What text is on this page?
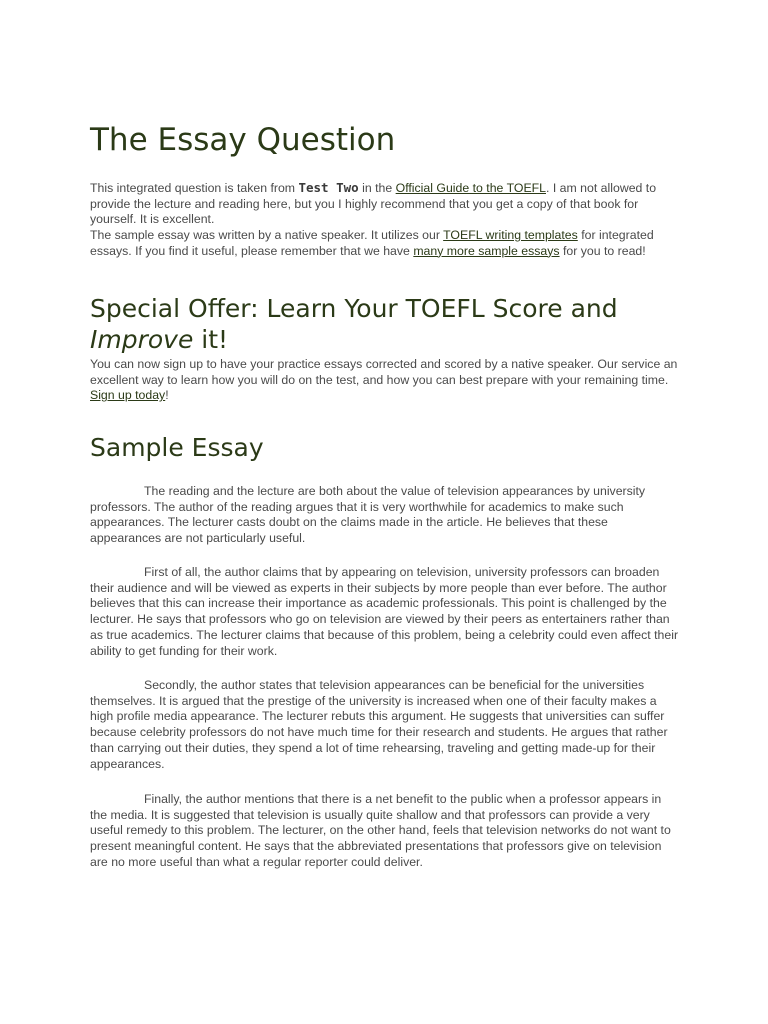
The Essay Question

This integrated question is taken from Test Two in the Official Guide to the TOEFL. I am not allowed to provide the lecture and reading here, but you I highly recommend that you get a copy of that book for yourself. It is excellent.

The sample essay was written by a native speaker. It utilizes our TOEFL writing templates for integrated essays. If you find it useful, please remember that we have many more sample essays for you to read!

Special Offer: Learn Your TOEFL Score and Improve it!

You can now sign up to have your practice essays corrected and scored by a native speaker. Our service an excellent way to learn how you will do on the test, and how you can best prepare with your remaining time. Sign up today!

Sample Essay

The reading and the lecture are both about the value of television appearances by university professors. The author of the reading argues that it is very worthwhile for academics to make such appearances. The lecturer casts doubt on the claims made in the article. He believes that these appearances are not particularly useful.

First of all, the author claims that by appearing on television, university professors can broaden their audience and will be viewed as experts in their subjects by more people than ever before. The author believes that this can increase their importance as academic professionals. This point is challenged by the lecturer. He says that professors who go on television are viewed by their peers as entertainers rather than as true academics. The lecturer claims that because of this problem, being a celebrity could even affect their ability to get funding for their work.

Secondly, the author states that television appearances can be beneficial for the universities themselves. It is argued that the prestige of the university is increased when one of their faculty makes a high profile media appearance. The lecturer rebuts this argument. He suggests that universities can suffer because celebrity professors do not have much time for their research and students. He argues that rather than carrying out their duties, they spend a lot of time rehearsing, traveling and getting made-up for their appearances.

Finally, the author mentions that there is a net benefit to the public when a professor appears in the media. It is suggested that television is usually quite shallow and that professors can provide a very useful remedy to this problem. The lecturer, on the other hand, feels that television networks do not want to present meaningful content. He says that the abbreviated presentations that professors give on television are no more useful than what a regular reporter could deliver.
